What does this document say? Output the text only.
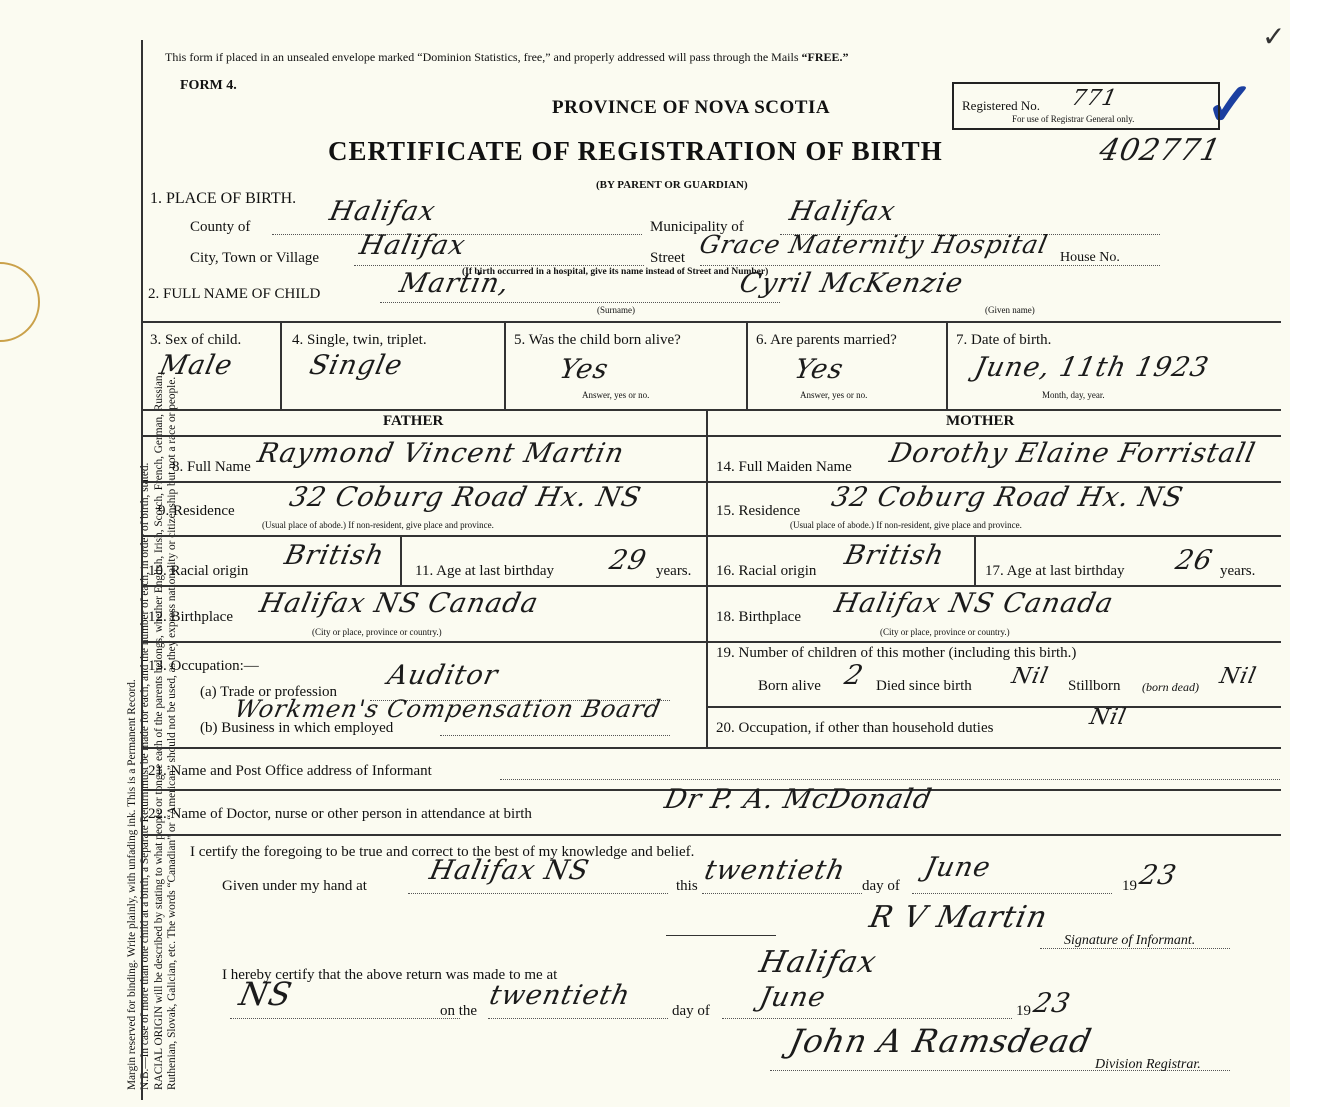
Margin reserved for binding. Write plainly, with unfading ink. This is a Permanent Record. N.B.—In case of more than one child at a birth, a Separate Return must be made for each, and the number of each, in order of birth, stated. RACIAL ORIGIN will be described by stating to what people or tongue each of the parents belongs, whether English, Irish, Scotch, French, German, Russian, Ruthenian, Slovak, Galician, etc. The words “Canadian” or “American” should not be used, as they express nationality or citizenship but not a race or people.
This form if placed in an unsealed envelope marked “Dominion Statistics, free,” and properly addressed will pass through the Mails “FREE.”
FORM 4.
PROVINCE OF NOVA SCOTIA
CERTIFICATE OF REGISTRATION OF BIRTH	402771
(BY PARENT OR GUARDIAN)
✓
✓
Registered No. 771
For use of Registrar General only.
1. PLACE OF BIRTH.
County of	Halifax	Municipality of Halifax
City, Town or Village Halifax	Street Grace Maternity Hospital House No.
(If birth occurred in a hospital, give its name instead of Street and Number)
2. FULL NAME OF CHILD	Martin,	Cyril McKenzie
(Surname)	(Given name)
3. Sex of child.
Male
4. Single, twin, triplet.
Single
5. Was the child born alive?
Yes
Answer, yes or no.
6. Are parents married?
Yes
Answer, yes or no.
7. Date of birth.
June, 11th 1923
Month, day, year.
FATHER	MOTHER
8. Full Name Raymond Vincent Martin	14. Full Maiden Name Dorothy Elaine Forristall
9. Residence 32 Coburg Road Hx. NS
(Usual place of abode.) If non-resident, give place and province.
15. Residence 32 Coburg Road Hx. NS
(Usual place of abode.) If non-resident, give place and province.
10. Racial origin British 11. Age at last birthday 29 years. 16. Racial origin British	17. Age at last birthday 26 years.
12. Birthplace Halifax NS Canada
(City or place, province or country.)
18. Birthplace Halifax NS Canada
(City or place, province or country.)
13. Occupation:—
(a) Trade or profession
Auditor
(b) Business in which employed
Workmen's Compensation Board
19. Number of children of this mother (including this birth.)
Born alive 2 Died since birth Nil Stillborn (born dead) Nil
20. Occupation, if other than household duties	Nil
21. Name and Post Office address of Informant
22. Name of Doctor, nurse or other person in attendance at birth	Dr P. A. McDonald
I certify the foregoing to be true and correct to the best of my knowledge and belief.
Given under my hand at Halifax NS	this twentieth day of
June
19 23
R V Martin
Signature of Informant.
I hereby certify that the above return was made to me at	Halifax
NS	on the twentieth	day of June	19 23
John A Ramsdead
Division Registrar.
